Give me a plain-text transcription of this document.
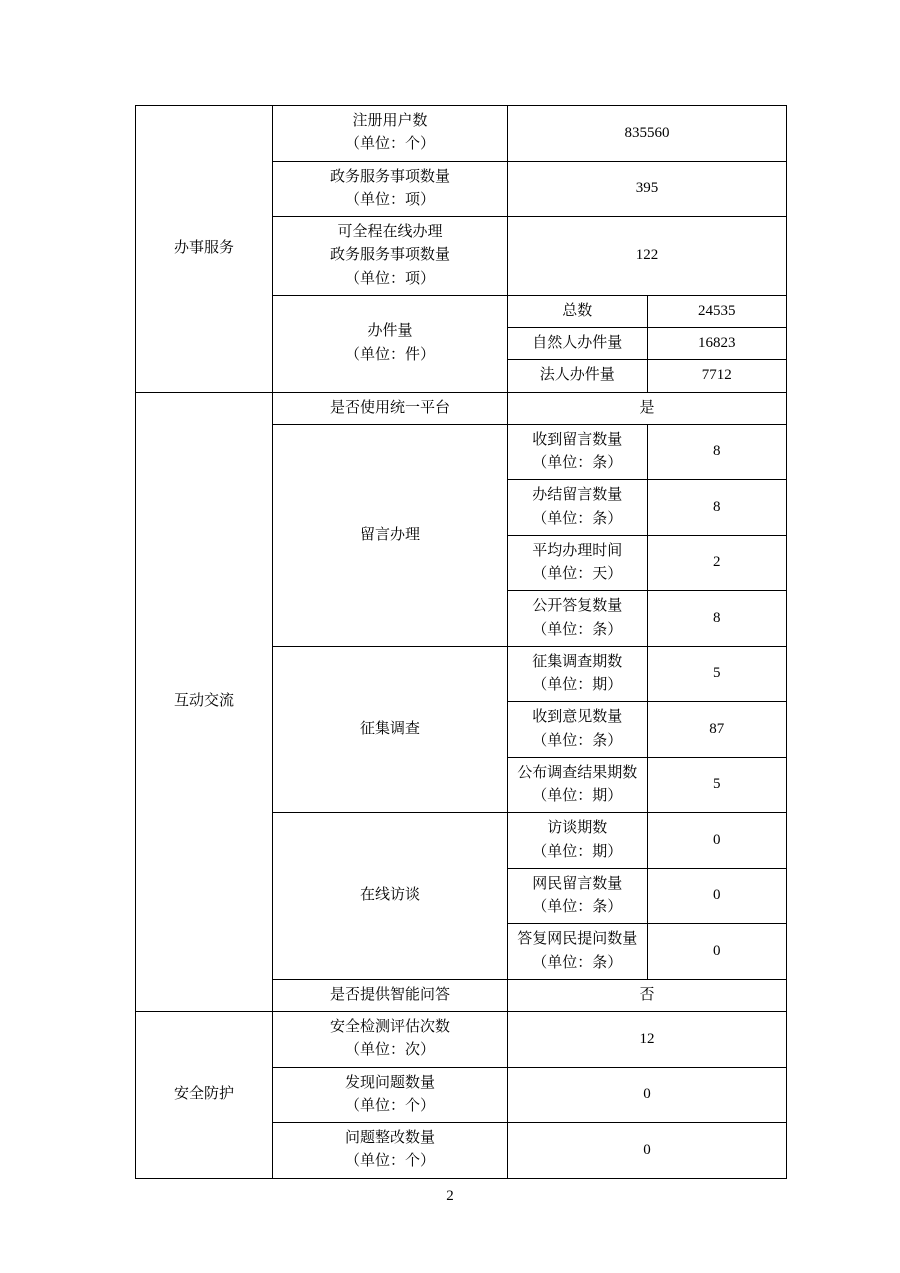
办事服务	注册用户数
（单位：个）	835560	
	政务服务事项数量
（单位：项）	395	
	可全程在线办理
政务服务事项数量
（单位：项）	122	
	办件量
（单位：件）	总数	24535
		自然人办件量	16823
		法人办件量	7712
互动交流	是否使用统一平台	是	
	留言办理	收到留言数量
（单位：条）	8
		办结留言数量
（单位：条）	8
		平均办理时间
（单位：天）	2
		公开答复数量
（单位：条）	8
	征集调查	征集调查期数
（单位：期）	5
		收到意见数量
（单位：条）	87
		公布调查结果期数
（单位：期）	5
	在线访谈	访谈期数
（单位：期）	0
		网民留言数量
（单位：条）	0
		答复网民提问数量
（单位：条）	0
	是否提供智能问答	否	
安全防护	安全检测评估次数
（单位：次）	12	
	发现问题数量
（单位：个）	0	
	问题整改数量
（单位：个）	0	
2
